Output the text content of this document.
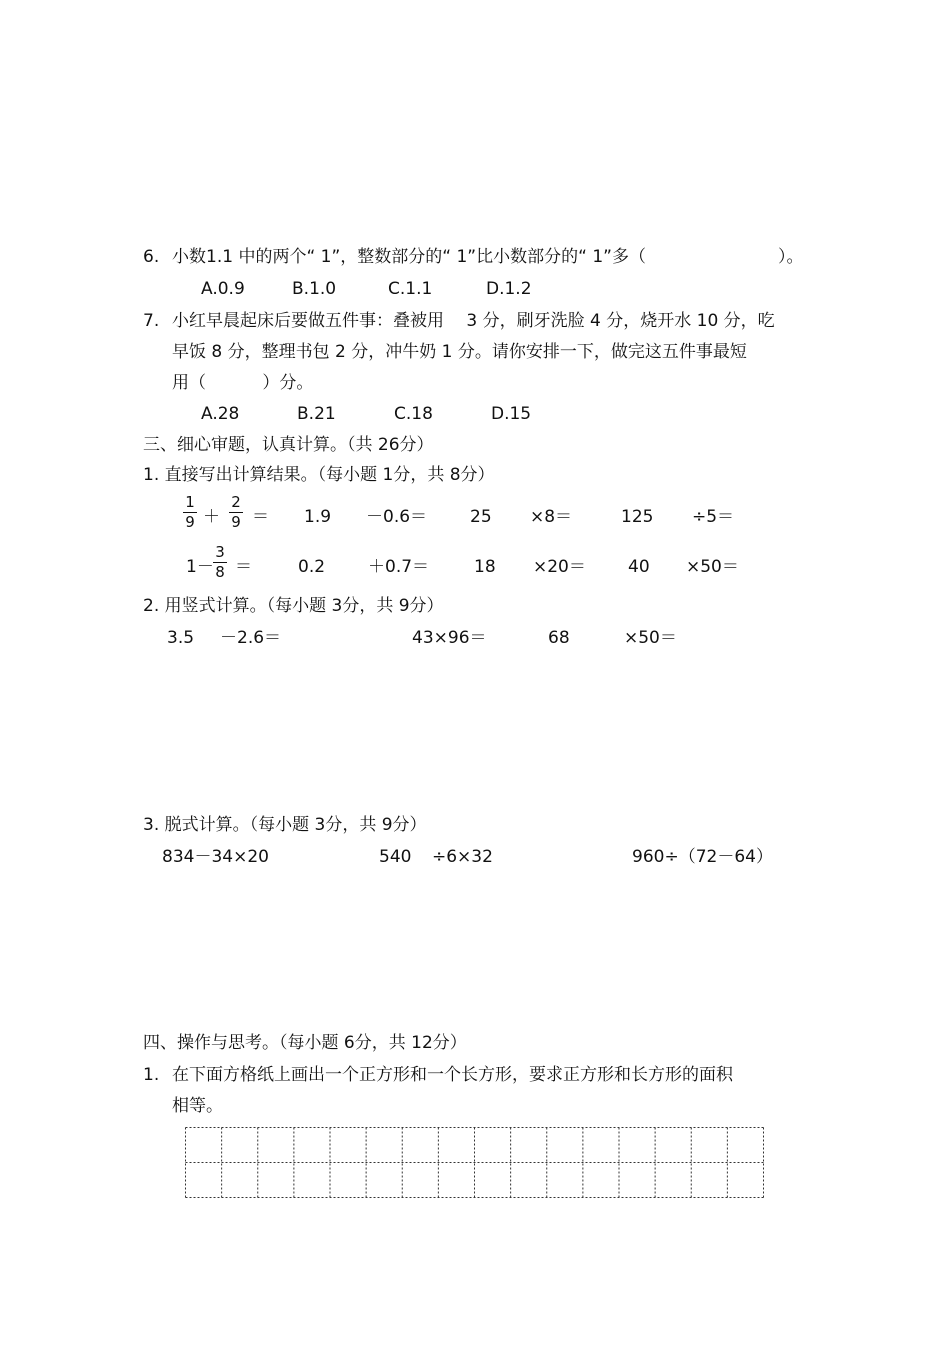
6. 小数1.1 中的两个“ 1”，整数部分的“ 1”比小数部分的“ 1”多（	）。
A.0.9	B.1.0	C.1.1	D.1.2
7. 小红早晨起床后要做五件事：叠被用　 3 分，刷牙洗脸 4 分，烧开水 10 分，吃
早饭 8 分，整理书包 2 分，冲牛奶 1 分。请你安排一下，做完这五件事最短
用（　　　 ）分。
A.28	B.21	C.18	D.15
三、细心审题，认真计算。（共 26分）
1. 直接写出计算结果。（每小题 1分，共 8分）
1
9 ＋
2
9 ＝ 1.9 －0.6＝	25 ×8＝	125 ÷5＝
1－
3
8 ＝	0.2	＋0.7＝	18 ×20＝ 40 ×50＝
2. 用竖式计算。（每小题 3分，共 9分）
3.5 －2.6＝	43×96＝	68	×50＝
3. 脱式计算。（每小题 3分，共 9分）
834－34×20	540 ÷6×32	960÷（72－64）
四、操作与思考。（每小题 6分，共 12分）
1. 在下面方格纸上画出一个正方形和一个长方形，要求正方形和长方形的面积
相等。
